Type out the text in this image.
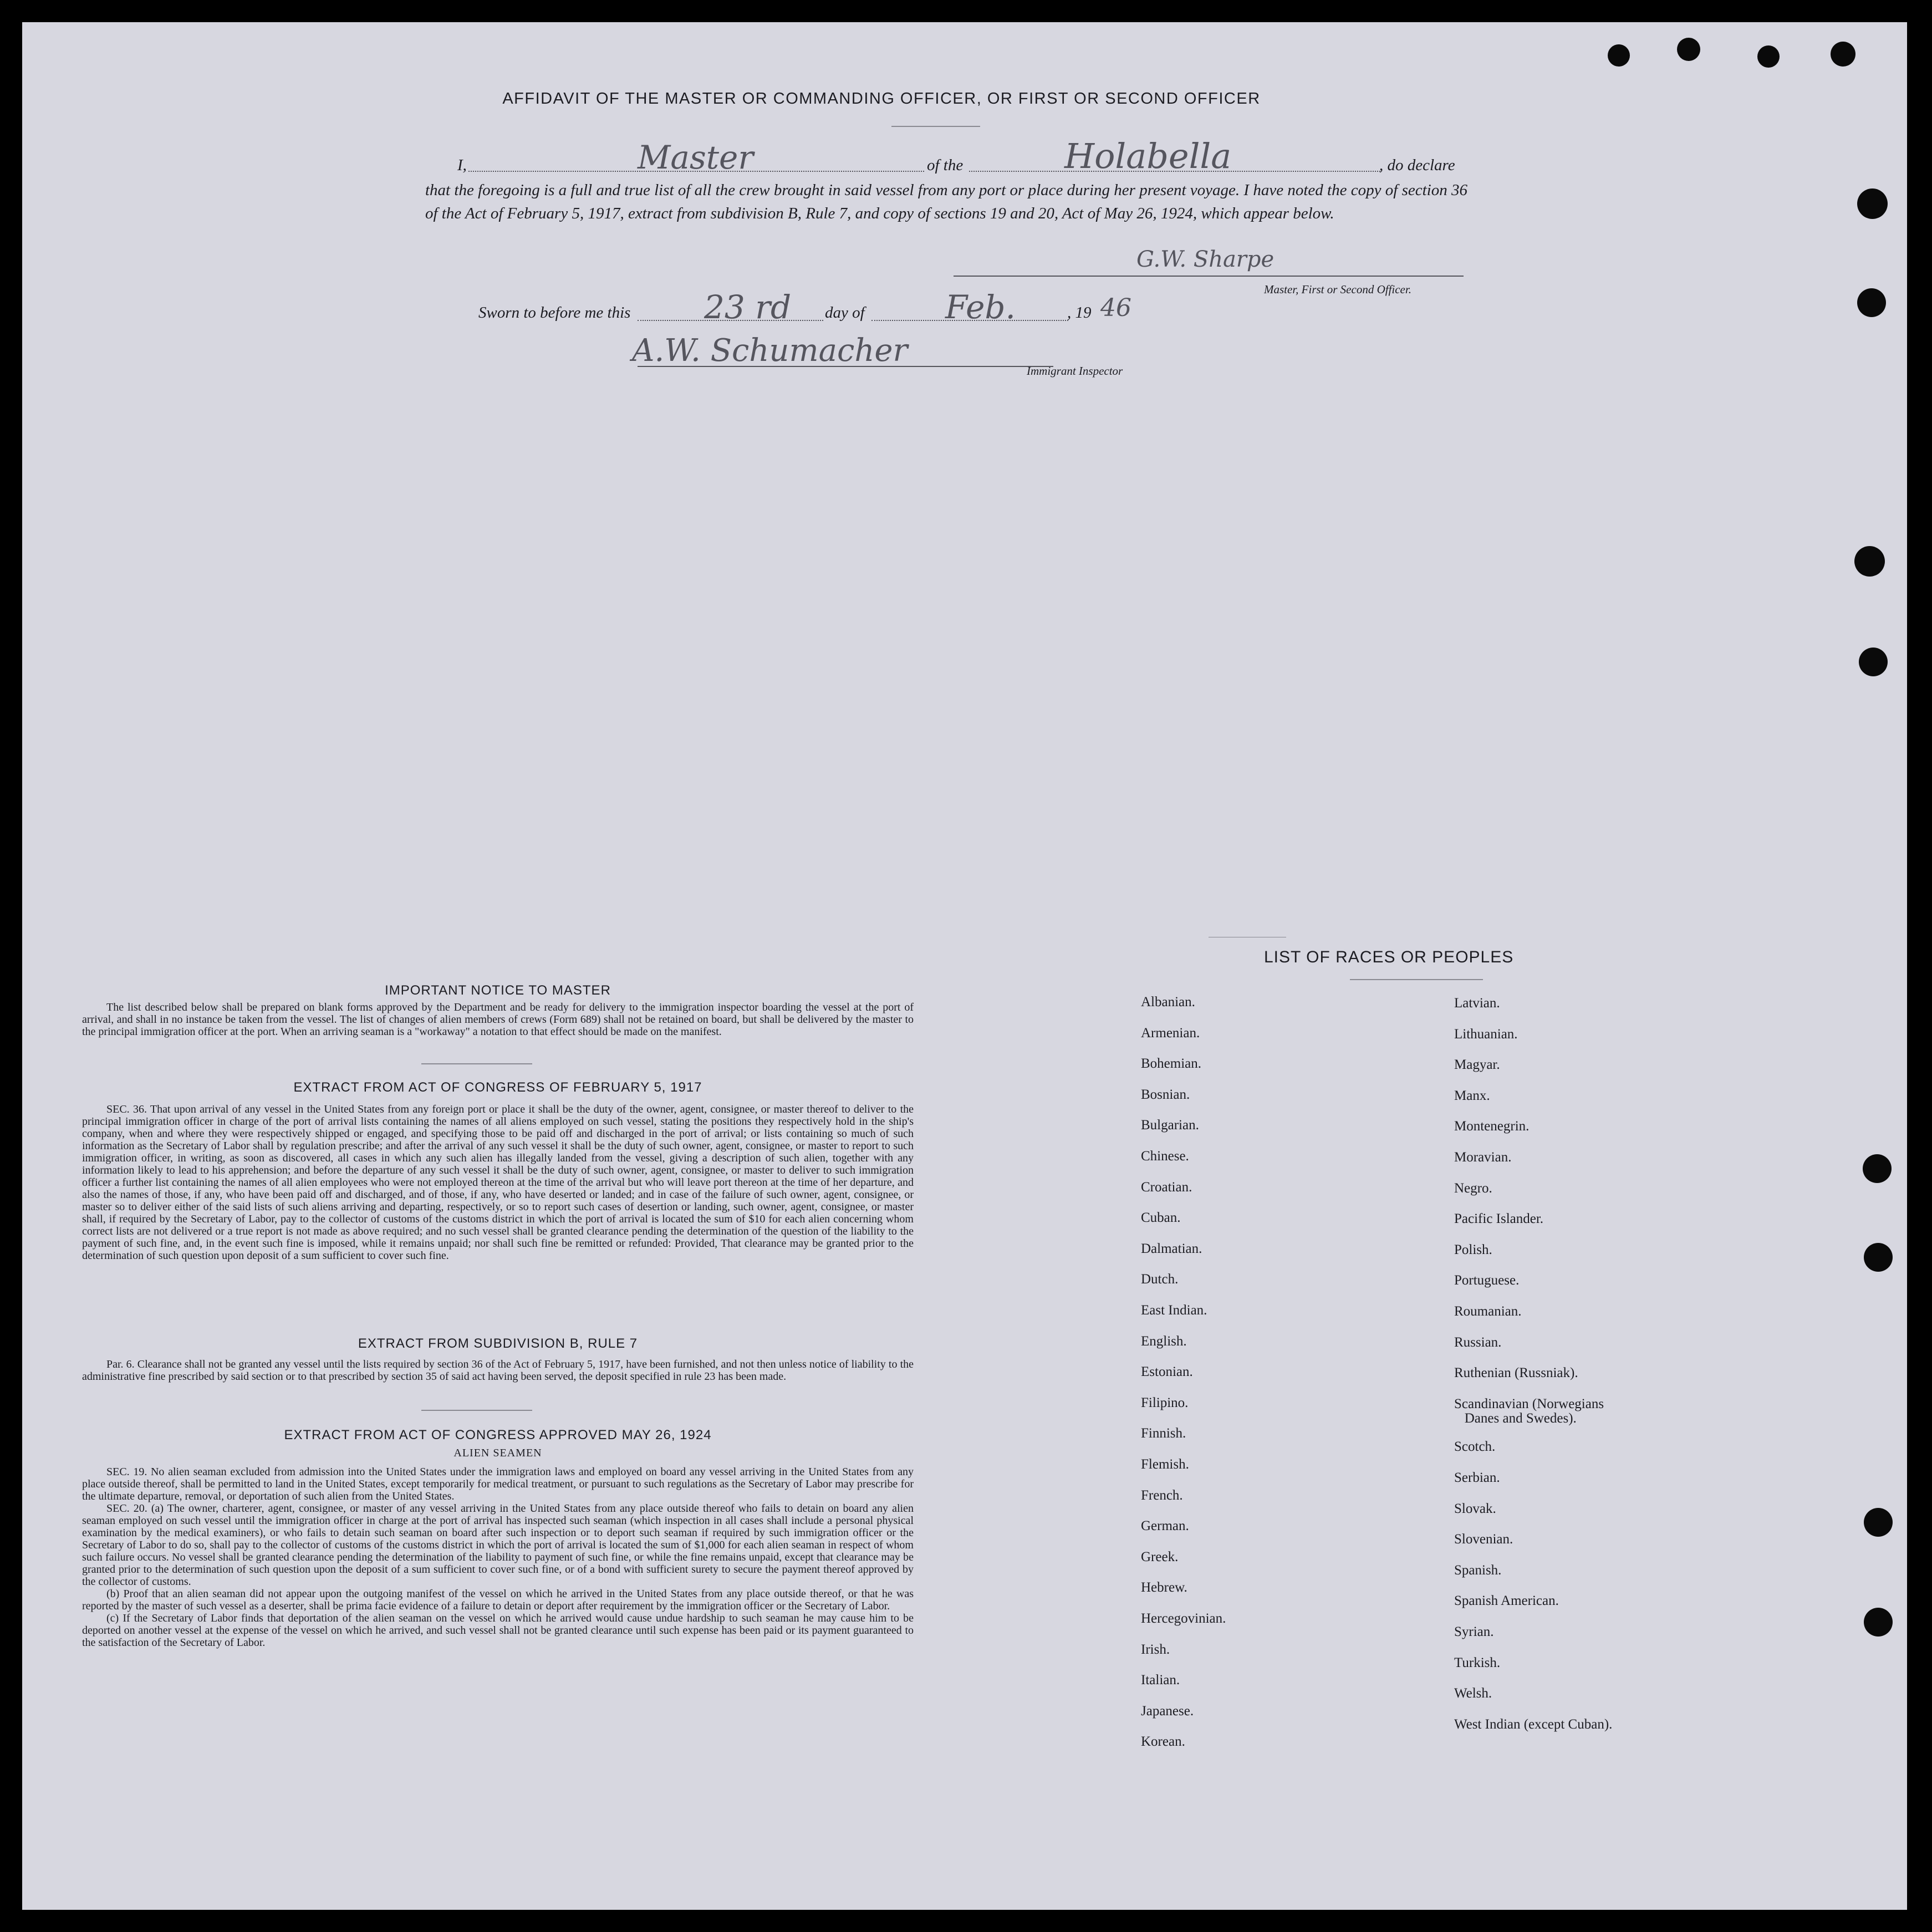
AFFIDAVIT OF THE MASTER OR COMMANDING OFFICER, OR FIRST OR SECOND OFFICER
I,	Master	of the	Holabella	, do declare
that the foregoing is a full and true list of all the crew brought in said vessel from any port or place during her present voyage. I have noted the copy of section 36 of the Act of February 5, 1917, extract from subdivision B, Rule 7, and copy of sections 19 and 20, Act of May 26, 1924, which appear below.
G.W. Sharpe
Master, First or Second Officer.
Sworn to before me this 23 rd day of	Feb.	, 19 46
A.W. Schumacher
Immigrant Inspector
IMPORTANT NOTICE TO MASTER

The list described below shall be prepared on blank forms approved by the Department and be ready for delivery to the immigration inspector boarding the vessel at the port of arrival, and shall in no instance be taken from the vessel. The list of changes of alien members of crews (Form 689) shall not be retained on board, but shall be delivered by the master to the principal immigration officer at the port. When an arriving seaman is a "workaway" a notation to that effect should be made on the manifest.

EXTRACT FROM ACT OF CONGRESS OF FEBRUARY 5, 1917

SEC. 36. That upon arrival of any vessel in the United States from any foreign port or place it shall be the duty of the owner, agent, consignee, or master thereof to deliver to the principal immigration officer in charge of the port of arrival lists containing the names of all aliens employed on such vessel, stating the positions they respectively hold in the ship's company, when and where they were respectively shipped or engaged, and specifying those to be paid off and discharged in the port of arrival; or lists containing so much of such information as the Secretary of Labor shall by regulation prescribe; and after the arrival of any such vessel it shall be the duty of such owner, agent, consignee, or master to report to such immigration officer, in writing, as soon as discovered, all cases in which any such alien has illegally landed from the vessel, giving a description of such alien, together with any information likely to lead to his apprehension; and before the departure of any such vessel it shall be the duty of such owner, agent, consignee, or master to deliver to such immigration officer a further list containing the names of all alien employees who were not employed thereon at the time of the arrival but who will leave port thereon at the time of her departure, and also the names of those, if any, who have been paid off and discharged, and of those, if any, who have deserted or landed; and in case of the failure of such owner, agent, consignee, or master so to deliver either of the said lists of such aliens arriving and departing, respectively, or so to report such cases of desertion or landing, such owner, agent, consignee, or master shall, if required by the Secretary of Labor, pay to the collector of customs of the customs district in which the port of arrival is located the sum of $10 for each alien concerning whom correct lists are not delivered or a true report is not made as above required; and no such vessel shall be granted clearance pending the determination of the question of the liability to the payment of such fine, and, in the event such fine is imposed, while it remains unpaid; nor shall such fine be remitted or refunded: Provided, That clearance may be granted prior to the determination of such question upon deposit of a sum sufficient to cover such fine.

EXTRACT FROM SUBDIVISION B, RULE 7

Par. 6. Clearance shall not be granted any vessel until the lists required by section 36 of the Act of February 5, 1917, have been furnished, and not then unless notice of liability to the administrative fine prescribed by said section or to that prescribed by section 35 of said act having been served, the deposit specified in rule 23 has been made.

EXTRACT FROM ACT OF CONGRESS APPROVED MAY 26, 1924
ALIEN SEAMEN

SEC. 19. No alien seaman excluded from admission into the United States under the immigration laws and employed on board any vessel arriving in the United States from any place outside thereof, shall be permitted to land in the United States, except temporarily for medical treatment, or pursuant to such regulations as the Secretary of Labor may prescribe for the ultimate departure, removal, or deportation of such alien from the United States.

SEC. 20. (a) The owner, charterer, agent, consignee, or master of any vessel arriving in the United States from any place outside thereof who fails to detain on board any alien seaman employed on such vessel until the immigration officer in charge at the port of arrival has inspected such seaman (which inspection in all cases shall include a personal physical examination by the medical examiners), or who fails to detain such seaman on board after such inspection or to deport such seaman if required by such immigration officer or the Secretary of Labor to do so, shall pay to the collector of customs of the customs district in which the port of arrival is located the sum of $1,000 for each alien seaman in respect of whom such failure occurs. No vessel shall be granted clearance pending the determination of the liability to payment of such fine, or while the fine remains unpaid, except that clearance may be granted prior to the determination of such question upon the deposit of a sum sufficient to cover such fine, or of a bond with sufficient surety to secure the payment thereof approved by the collector of customs.

(b) Proof that an alien seaman did not appear upon the outgoing manifest of the vessel on which he arrived in the United States from any place outside thereof, or that he was reported by the master of such vessel as a deserter, shall be prima facie evidence of a failure to detain or deport after requirement by the immigration officer or the Secretary of Labor.

(c) If the Secretary of Labor finds that deportation of the alien seaman on the vessel on which he arrived would cause undue hardship to such seaman he may cause him to be deported on another vessel at the expense of the vessel on which he arrived, and such vessel shall not be granted clearance until such expense has been paid or its payment guaranteed to the satisfaction of the Secretary of Labor.

LIST OF RACES OR PEOPLES
Albanian.
Armenian.
Bohemian.
Bosnian.
Bulgarian.
Chinese.
Croatian.
Cuban.
Dalmatian.
Dutch.
East Indian.
English.
Estonian.
Filipino.
Finnish.
Flemish.
French.
German.
Greek.
Hebrew.
Hercegovinian.
Irish.
Italian.
Japanese.
Korean.
Latvian.
Lithuanian.
Magyar.
Manx.
Montenegrin.
Moravian.
Negro.
Pacific Islander.
Polish.
Portuguese.
Roumanian.
Russian.
Ruthenian (Russniak).
Scandinavian (Norwegians
Danes and Swedes).
Scotch.
Serbian.
Slovak.
Slovenian.
Spanish.
Spanish American.
Syrian.
Turkish.
Welsh.
West Indian (except Cuban).
